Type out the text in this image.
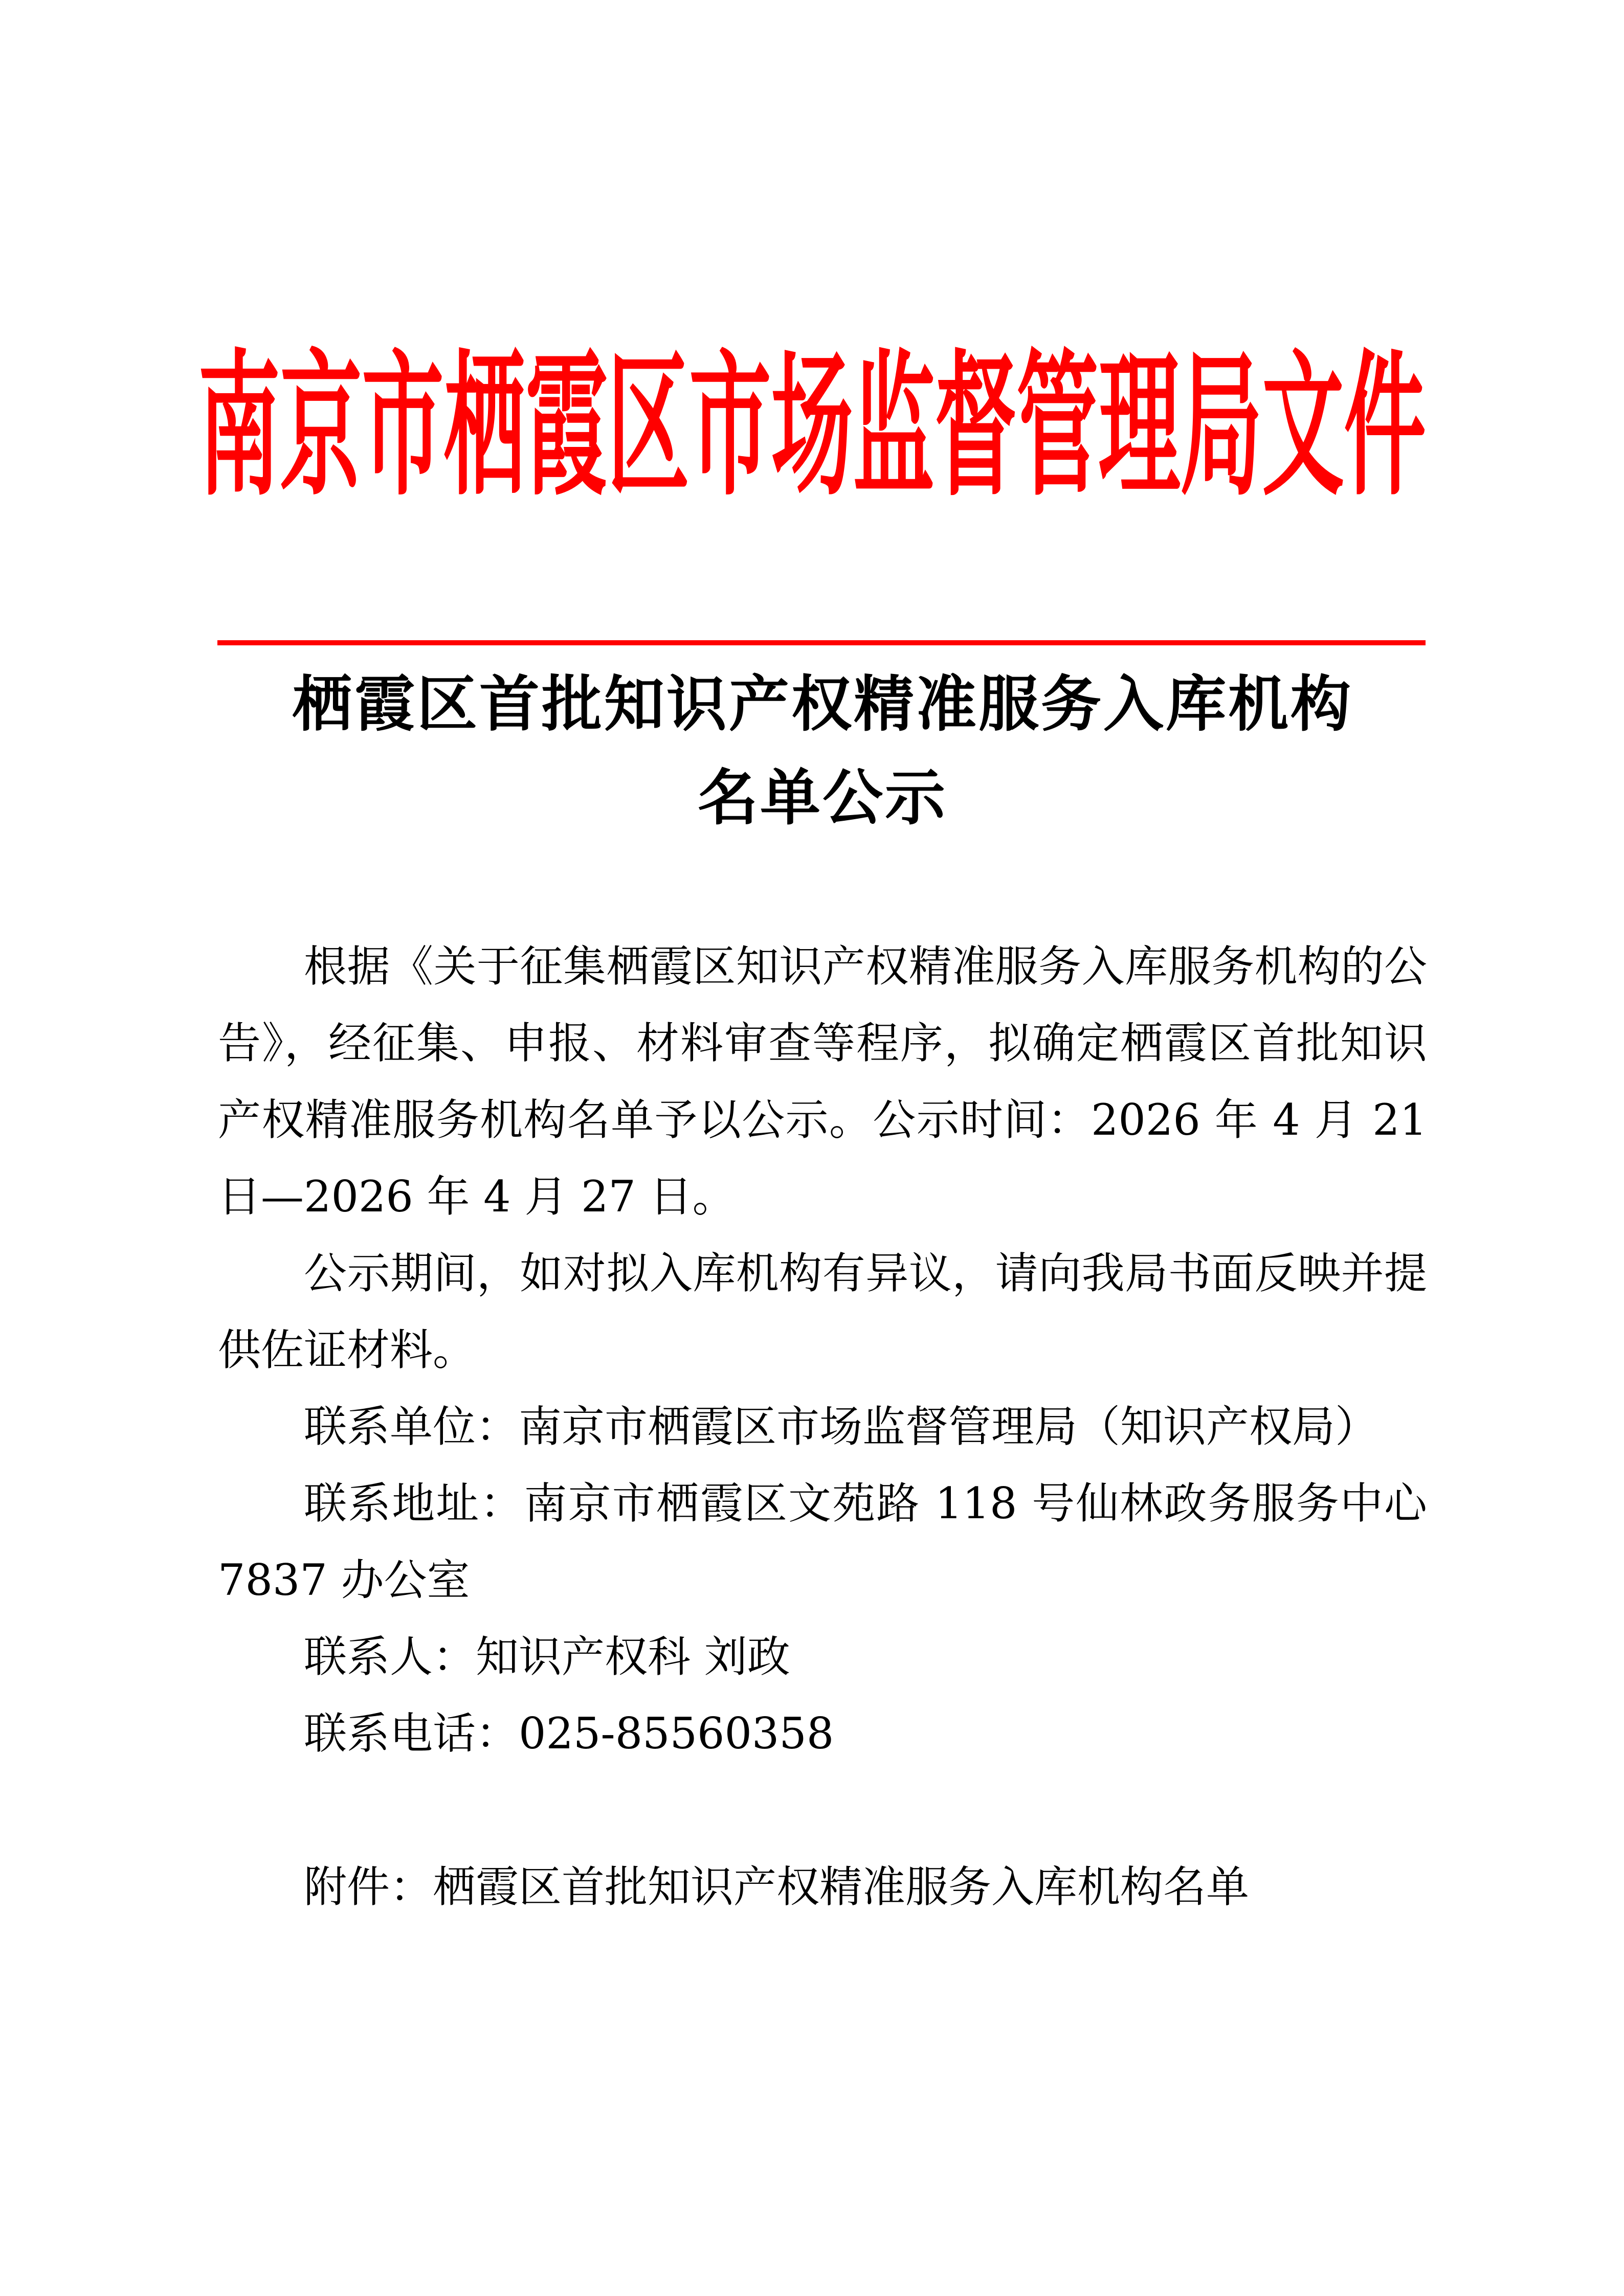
南京市栖霞区市场监督管理局文件
栖霞区首批知识产权精准服务入库机构
名单公示

根据《关于征集栖霞区知识产权精准服务入库服务机构的公告》，经征集、申报、材料审查等程序，拟确定栖霞区首批知识产权精准服务机构名单予以公示。公示时间：2026 年 4 月 21 日—2026 年 4 月 27 日。

公示期间，如对拟入库机构有异议，请向我局书面反映并提供佐证材料。

联系单位：南京市栖霞区市场监督管理局（知识产权局）

联系地址：南京市栖霞区文苑路 118 号仙林政务服务中心 7837 办公室

联系人：知识产权科 刘政

联系电话：025-85560358

附件：栖霞区首批知识产权精准服务入库机构名单
